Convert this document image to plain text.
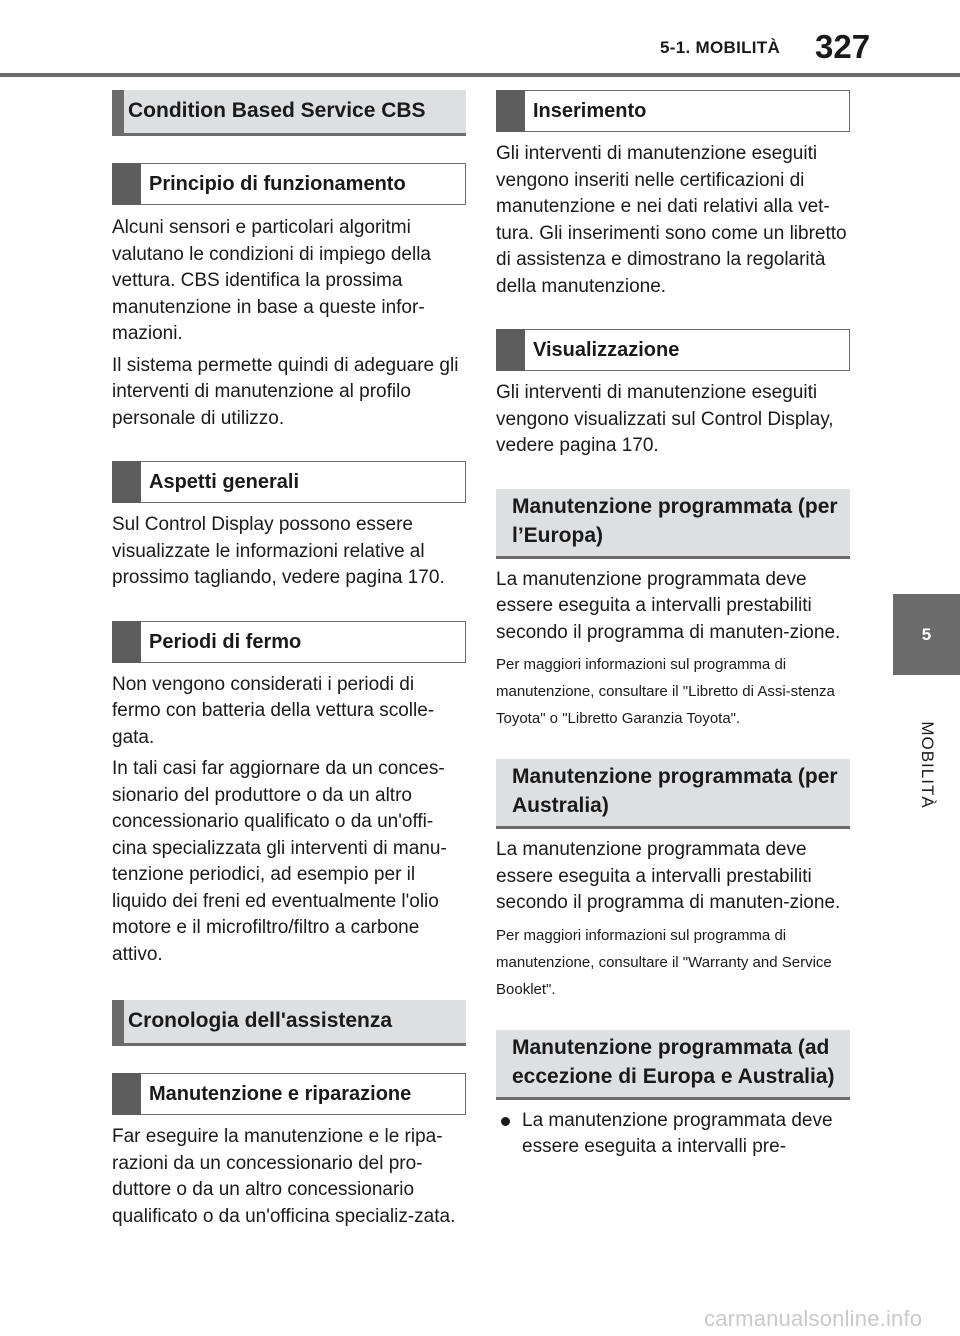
5-1. MOBILITÀ 327
5
MOBILITÀ
Condition Based Service CBS
Principio di funzionamento

Alcuni sensori e particolari algoritmi valutano le condizioni di impiego della vettura. CBS identifica la prossima manutenzione in base a queste infor-mazioni.

Il sistema permette quindi di adeguare gli interventi di manutenzione al profilo personale di utilizzo.

Aspetti generali

Sul Control Display possono essere visualizzate le informazioni relative al prossimo tagliando, vedere pagina 170.

Periodi di fermo

Non vengono considerati i periodi di fermo con batteria della vettura scolle-gata.

In tali casi far aggiornare da un conces-sionario del produttore o da un altro concessionario qualificato o da un'offi-cina specializzata gli interventi di manu-tenzione periodici, ad esempio per il liquido dei freni ed eventualmente l'olio motore e il microfiltro/filtro a carbone attivo.

Cronologia dell'assistenza
Manutenzione e riparazione

Far eseguire la manutenzione e le ripa-razioni da un concessionario del pro-duttore o da un altro concessionario qualificato o da un'officina specializ-zata.

Inserimento

Gli interventi di manutenzione eseguiti vengono inseriti nelle certificazioni di manutenzione e nei dati relativi alla vet-tura. Gli inserimenti sono come un libretto di assistenza e dimostrano la regolarità della manutenzione.

Visualizzazione

Gli interventi di manutenzione eseguiti vengono visualizzati sul Control Display, vedere pagina 170.

Manutenzione programmata (per l’Europa)

La manutenzione programmata deve essere eseguita a intervalli prestabiliti secondo il programma di manuten-zione.

Per maggiori informazioni sul programma di manutenzione, consultare il "Libretto di Assi-stenza Toyota" o "Libretto Garanzia Toyota".

Manutenzione programmata (per Australia)

La manutenzione programmata deve essere eseguita a intervalli prestabiliti secondo il programma di manuten-zione.

Per maggiori informazioni sul programma di manutenzione, consultare il "Warranty and Service Booklet".

Manutenzione programmata (ad eccezione di Europa e Australia)
La manutenzione programmata deve essere eseguita a intervalli pre-
carmanualsonline.info
